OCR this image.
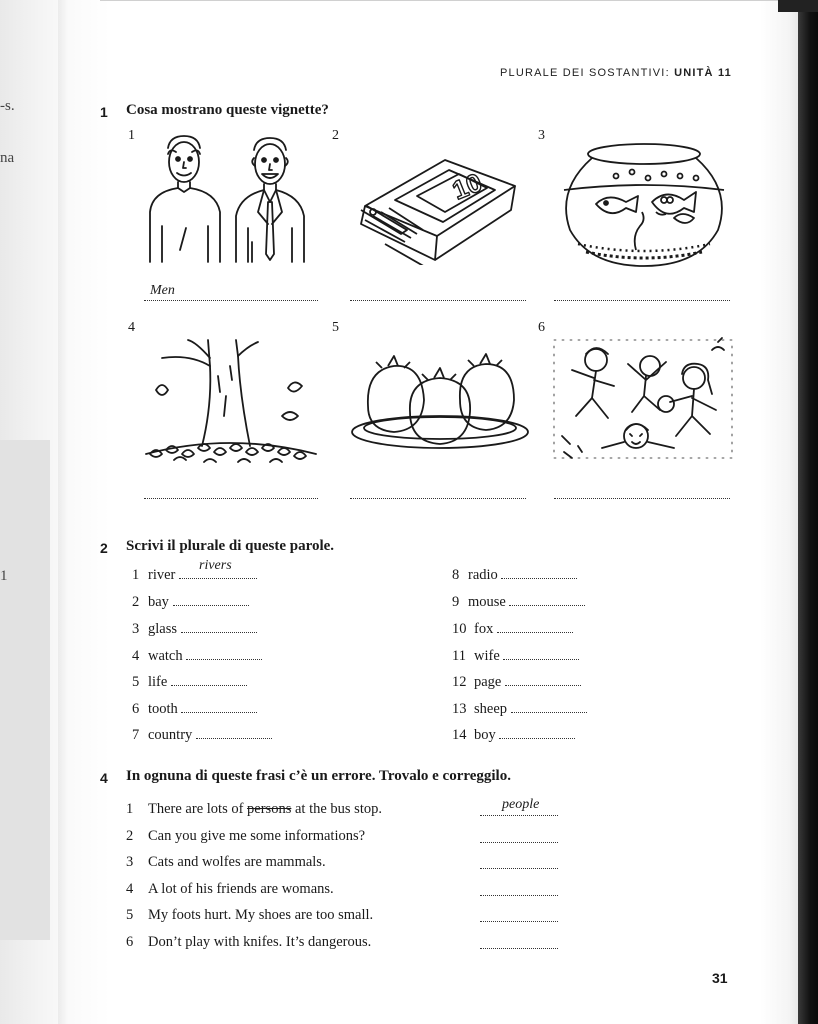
-s.
na
1
PLURALE DEI SOSTANTIVI: UNITÀ 11
1 Cosa mostrano queste vignette?
1	2	3
10
Men
4	5	6
2 Scrivi il plurale di queste parole.
1 river
rivers
2 bay
3 glass
4 watch
5 life
6 tooth
7 country
8 radio
9 mouse
10 fox
11 wife
12 page
13 sheep
14 boy
4 In ognuna di queste frasi c’è un errore. Trovalo e correggilo.
1 There are lots of persons at the bus stop.	people
2 Can you give me some informations?
3 Cats and wolfes are mammals.
4 A lot of his friends are womans.
5 My foots hurt. My shoes are too small.
6 Don’t play with knifes. It’s dangerous.
31
